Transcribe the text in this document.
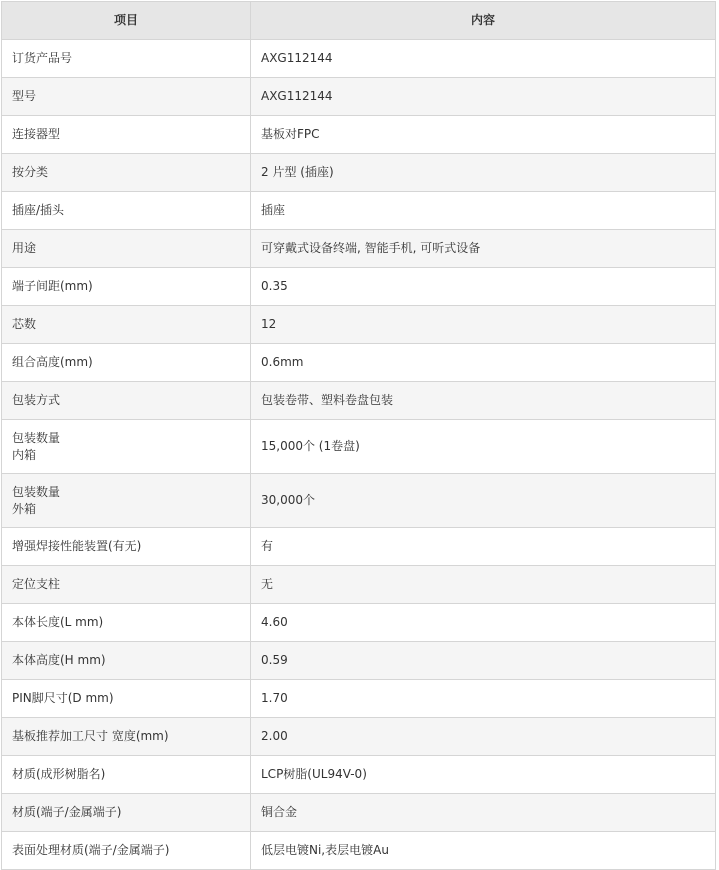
项目	内容

订货产品号	AXG112144

型号	AXG112144

连接器型	基板对FPC

按分类	2 片型 (插座)

插座/插头	插座

用途	可穿戴式设备终端, 智能手机, 可听式设备

端子间距(mm)	0.35

芯数	12

组合高度(mm)	0.6mm

包装方式	包装卷带、塑料卷盘包装

包装数量
内箱	15,000个 (1卷盘)

包装数量
外箱	30,000个

增强焊接性能装置(有无)	有

定位支柱	无

本体长度(L mm)	4.60

本体高度(H mm)	0.59

PIN脚尺寸(D mm)	1.70

基板推荐加工尺寸 宽度(mm)	2.00

材质(成形树脂名)	LCP树脂(UL94V-0)

材质(端子/金属端子)	铜合金

表面处理材质(端子/金属端子)	低层电镀Ni,表层电镀Au
